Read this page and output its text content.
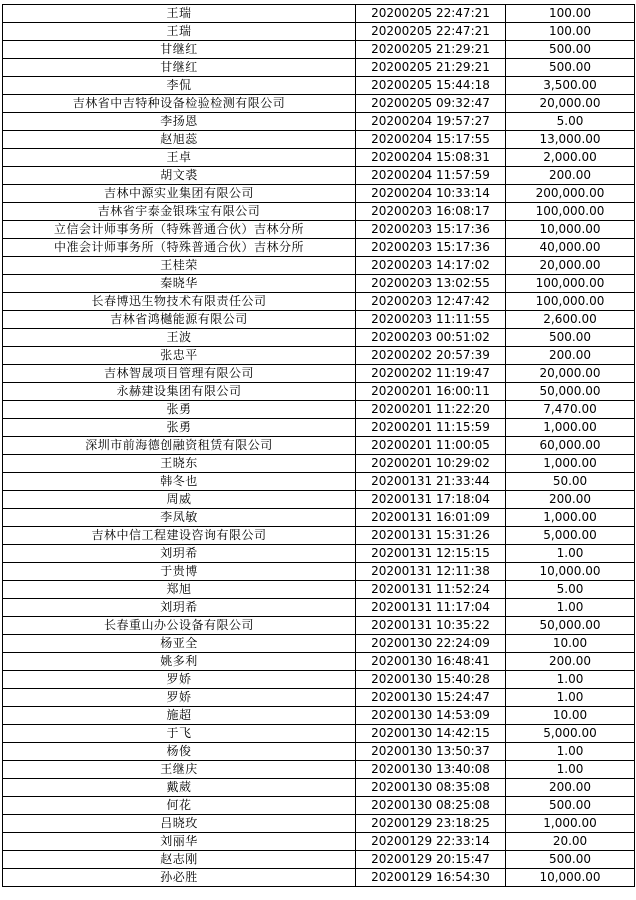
王瑞	20200205 22:47:21	100.00
王瑞	20200205 22:47:21	100.00
甘继红	20200205 21:29:21	500.00
甘继红	20200205 21:29:21	500.00
李侃	20200205 15:44:18	3,500.00
吉林省中吉特种设备检验检测有限公司	20200205 09:32:47	20,000.00
李扬恩	20200204 19:57:27	5.00
赵旭蕊	20200204 15:17:55	13,000.00
王卓	20200204 15:08:31	2,000.00
胡文裘	20200204 11:57:59	200.00
吉林中源实业集团有限公司	20200204 10:33:14	200,000.00
吉林省宇泰金银珠宝有限公司	20200203 16:08:17	100,000.00
立信会计师事务所（特殊普通合伙）吉林分所	20200203 15:17:36	10,000.00
中准会计师事务所（特殊普通合伙）吉林分所	20200203 15:17:36	40,000.00
王桂荣	20200203 14:17:02	20,000.00
秦晓华	20200203 13:02:55	100,000.00
长春博迅生物技术有限责任公司	20200203 12:47:42	100,000.00
吉林省鸿樾能源有限公司	20200203 11:11:55	2,600.00
王波	20200203 00:51:02	500.00
张忠平	20200202 20:57:39	200.00
吉林智晟项目管理有限公司	20200202 11:19:47	20,000.00
永赫建设集团有限公司	20200201 16:00:11	50,000.00
张勇	20200201 11:22:20	7,470.00
张勇	20200201 11:15:59	1,000.00
深圳市前海德创融资租赁有限公司	20200201 11:00:05	60,000.00
王晓东	20200201 10:29:02	1,000.00
韩冬也	20200131 21:33:44	50.00
周威	20200131 17:18:04	200.00
李凤敏	20200131 16:01:09	1,000.00
吉林中信工程建设咨询有限公司	20200131 15:31:26	5,000.00
刘玥希	20200131 12:15:15	1.00
于贵博	20200131 12:11:38	10,000.00
郑旭	20200131 11:52:24	5.00
刘玥希	20200131 11:17:04	1.00
长春重山办公设备有限公司	20200131 10:35:22	50,000.00
杨亚全	20200130 22:24:09	10.00
姚多利	20200130 16:48:41	200.00
罗娇	20200130 15:40:28	1.00
罗娇	20200130 15:24:47	1.00
施超	20200130 14:53:09	10.00
于飞	20200130 14:42:15	5,000.00
杨俊	20200130 13:50:37	1.00
王继庆	20200130 13:40:08	1.00
戴葳	20200130 08:35:08	200.00
何花	20200130 08:25:08	500.00
吕晓玫	20200129 23:18:25	1,000.00
刘丽华	20200129 22:33:14	20.00
赵志刚	20200129 20:15:47	500.00
孙必胜	20200129 16:54:30	10,000.00
